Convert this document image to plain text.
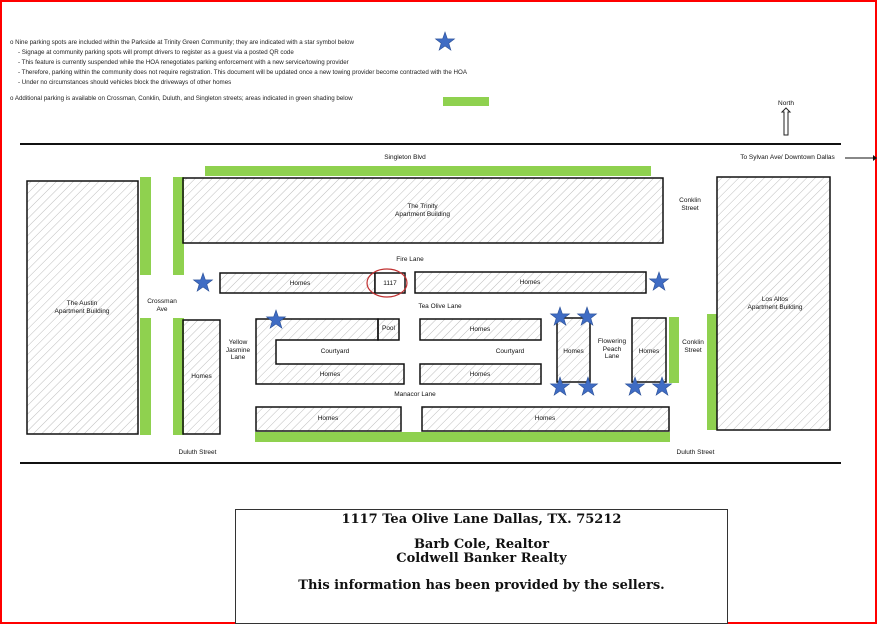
o Nine parking spots are included within the Parkside at Trinity Green Community; they are indicated with a star symbol below
- Signage at community parking spots will prompt drivers to register as a guest via a posted QR code
- This feature is currently suspended while the HOA renegotiates parking enforcement with a new service/towing provider
- Therefore, parking within the community does not require registration. This document will be updated once a new towing provider become contracted with the HOA
- Under no circumstances should vehicles block the driveways of other homes
o Additional parking is available on Crossman, Conklin, Duluth, and Singleton streets; areas indicated in green shading below
North
To Sylvan Ave/ Downtown Dallas
Singleton Blvd
The Trinity
Apartment Building
Conklin
Street
The Austin
Apartment Building
Los Altos
Apartment Building
Fire Lane
Homes	Homes
1117
Tea Olive Lane
Crossman
Ave
Pool	Homes
Yellow
Jasmine
Lane
Courtyard	Courtyard	Homes
Flowering
Peach
Lane
Homes
Conklin
Street
Homes	Homes	Homes
Manacor Lane
Homes	Homes
Duluth Street	Duluth Street
1117 Tea Olive Lane Dallas, TX. 75212
Barb Cole, Realtor
Coldwell Banker Realty
This information has been provided by the sellers.
